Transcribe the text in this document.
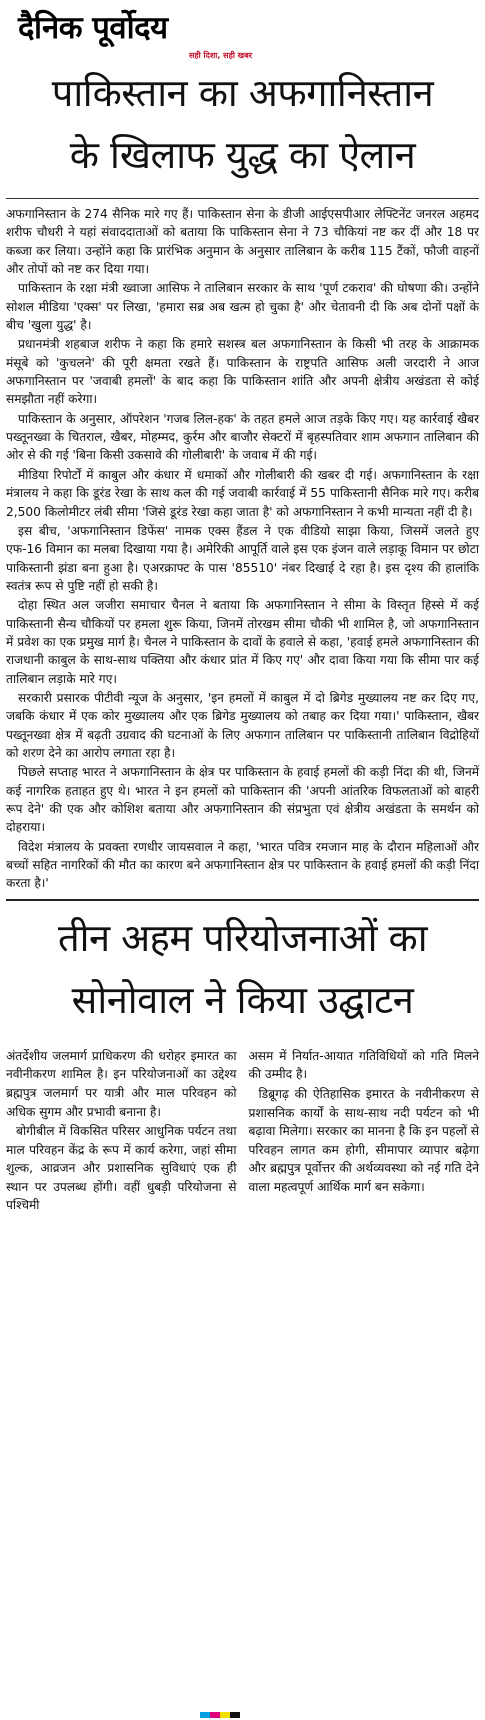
दैनिक पूर्वोदय
सही दिशा, सही खबर
पाकिस्तान का अफगानिस्तान
के खिलाफ युद्ध का ऐलान

अफगानिस्तान के 274 सैनिक मारे गए हैं। पाकिस्तान सेना के डीजी आईएसपीआर लेफ्टिनेंट जनरल अहमद शरीफ चौधरी ने यहां संवाददाताओं को बताया कि पाकिस्तान सेना ने 73 चौकियां नष्ट कर दीं और 18 पर कब्जा कर लिया। उन्होंने कहा कि प्रारंभिक अनुमान के अनुसार तालिबान के करीब 115 टैंकों, फौजी वाहनों और तोपों को नष्ट कर दिया गया।

पाकिस्तान के रक्षा मंत्री ख्वाजा आसिफ ने तालिबान सरकार के साथ 'पूर्ण टकराव' की घोषणा की। उन्होंने सोशल मीडिया 'एक्स' पर लिखा, 'हमारा सब्र अब खत्म हो चुका है' और चेतावनी दी कि अब दोनों पक्षों के बीच 'खुला युद्ध' है।

प्रधानमंत्री शहबाज शरीफ ने कहा कि हमारे सशस्त्र बल अफगानिस्तान के किसी भी तरह के आक्रामक मंसूबे को 'कुचलने' की पूरी क्षमता रखते हैं। पाकिस्तान के राष्ट्रपति आसिफ अली जरदारी ने आज अफगानिस्तान पर 'जवाबी हमलों' के बाद कहा कि पाकिस्तान शांति और अपनी क्षेत्रीय अखंडता से कोई समझौता नहीं करेगा।

पाकिस्तान के अनुसार, ऑपरेशन 'गजब लिल-हक' के तहत हमले आज तड़के किए गए। यह कार्रवाई खैबर पख्तूनख्वा के चितराल, खैबर, मोहम्मद, कुर्रम और बाजौर सेक्टरों में बृहस्पतिवार शाम अफगान तालिबान की ओर से की गई 'बिना किसी उकसावे की गोलीबारी' के जवाब में की गई।

मीडिया रिपोर्टों में काबुल और कंधार में धमाकों और गोलीबारी की खबर दी गई। अफगानिस्तान के रक्षा मंत्रालय ने कहा कि डूरंड रेखा के साथ कल की गई जवाबी कार्रवाई में 55 पाकिस्तानी सैनिक मारे गए। करीब 2,500 किलोमीटर लंबी सीमा 'जिसे डूरंड रेखा कहा जाता है' को अफगानिस्तान ने कभी मान्यता नहीं दी है।

इस बीच, 'अफगानिस्तान डिफेंस' नामक एक्स हैंडल ने एक वीडियो साझा किया, जिसमें जलते हुए एफ-16 विमान का मलबा दिखाया गया है। अमेरिकी आपूर्ति वाले इस एक इंजन वाले लड़ाकू विमान पर छोटा पाकिस्तानी झंडा बना हुआ है। एअरक्राफ्ट के पास '85510' नंबर दिखाई दे रहा है। इस दृश्य की हालांकि स्वतंत्र रूप से पुष्टि नहीं हो सकी है।

दोहा स्थित अल जजीरा समाचार चैनल ने बताया कि अफगानिस्तान ने सीमा के विस्तृत हिस्से में कई पाकिस्तानी सैन्य चौकियों पर हमला शुरू किया, जिनमें तोरखम सीमा चौकी भी शामिल है, जो अफगानिस्तान में प्रवेश का एक प्रमुख मार्ग है। चैनल ने पाकिस्तान के दावों के हवाले से कहा, 'हवाई हमले अफगानिस्तान की राजधानी काबुल के साथ-साथ पक्तिया और कंधार प्रांत में किए गए' और दावा किया गया कि सीमा पार कई तालिबान लड़ाके मारे गए।

सरकारी प्रसारक पीटीवी न्यूज के अनुसार, 'इन हमलों में काबुल में दो ब्रिगेड मुख्यालय नष्ट कर दिए गए, जबकि कंधार में एक कोर मुख्यालय और एक ब्रिगेड मुख्यालय को तबाह कर दिया गया।' पाकिस्तान, खैबर पख्तूनख्वा क्षेत्र में बढ़ती उग्रवाद की घटनाओं के लिए अफगान तालिबान पर पाकिस्तानी तालिबान विद्रोहियों को शरण देने का आरोप लगाता रहा है।

पिछले सप्ताह भारत ने अफगानिस्तान के क्षेत्र पर पाकिस्तान के हवाई हमलों की कड़ी निंदा की थी, जिनमें कई नागरिक हताहत हुए थे। भारत ने इन हमलों को पाकिस्तान की 'अपनी आंतरिक विफलताओं को बाहरी रूप देने' की एक और कोशिश बताया और अफगानिस्तान की संप्रभुता एवं क्षेत्रीय अखंडता के समर्थन को दोहराया।

विदेश मंत्रालय के प्रवक्ता रणधीर जायसवाल ने कहा, 'भारत पवित्र रमजान माह के दौरान महिलाओं और बच्चों सहित नागरिकों की मौत का कारण बने अफगानिस्तान क्षेत्र पर पाकिस्तान के हवाई हमलों की कड़ी निंदा करता है।'

तीन अहम परियोजनाओं का
सोनोवाल ने किया उद्घाटन

अंतर्देशीय जलमार्ग प्राधिकरण की धरोहर इमारत का नवीनीकरण शामिल है। इन परियोजनाओं का उद्देश्य ब्रह्मपुत्र जलमार्ग पर यात्री और माल परिवहन को अधिक सुगम और प्रभावी बनाना है।

बोगीबील में विकसित परिसर आधुनिक पर्यटन तथा माल परिवहन केंद्र के रूप में कार्य करेगा, जहां सीमा शुल्क, आव्रजन और प्रशासनिक सुविधाएं एक ही स्थान पर उपलब्ध होंगी। वहीं धुबड़ी परियोजना से पश्चिमी

असम में निर्यात-आयात गतिविधियों को गति मिलने की उम्मीद है।

डिब्रूगढ़ की ऐतिहासिक इमारत के नवीनीकरण से प्रशासनिक कार्यों के साथ-साथ नदी पर्यटन को भी बढ़ावा मिलेगा। सरकार का मानना है कि इन पहलों से परिवहन लागत कम होगी, सीमापार व्यापार बढ़ेगा और ब्रह्मपुत्र पूर्वोत्तर की अर्थव्यवस्था को नई गति देने वाला महत्वपूर्ण आर्थिक मार्ग बन सकेगा।
